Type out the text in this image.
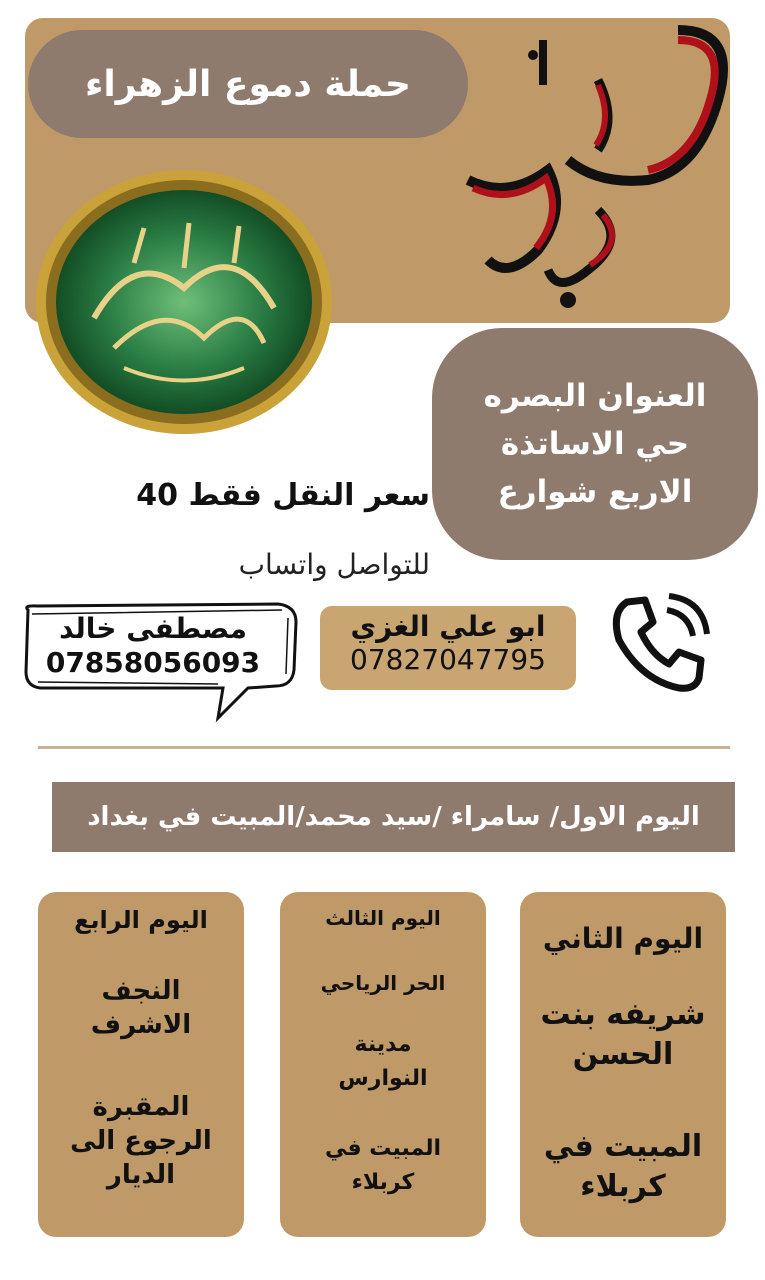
حملة دموع الزهراء
العنوان البصره
حي الاساتذة
الاربع شوارع
سعر النقل فقط 40
للتواصل واتساب
مصطفى خالد
07858056093
ابو علي الغزي
07827047795
اليوم الاول/ سامراء /سيد محمد/المبيت في بغداد
اليوم الرابع
النجف
الاشرف
المقبرة
الرجوع الى
الديار
اليوم الثالث
الحر الرياحي
مدينة
النوارس
المبيت في
كربلاء
اليوم الثاني
شريفه بنت
الحسن
المبيت في
كربلاء
